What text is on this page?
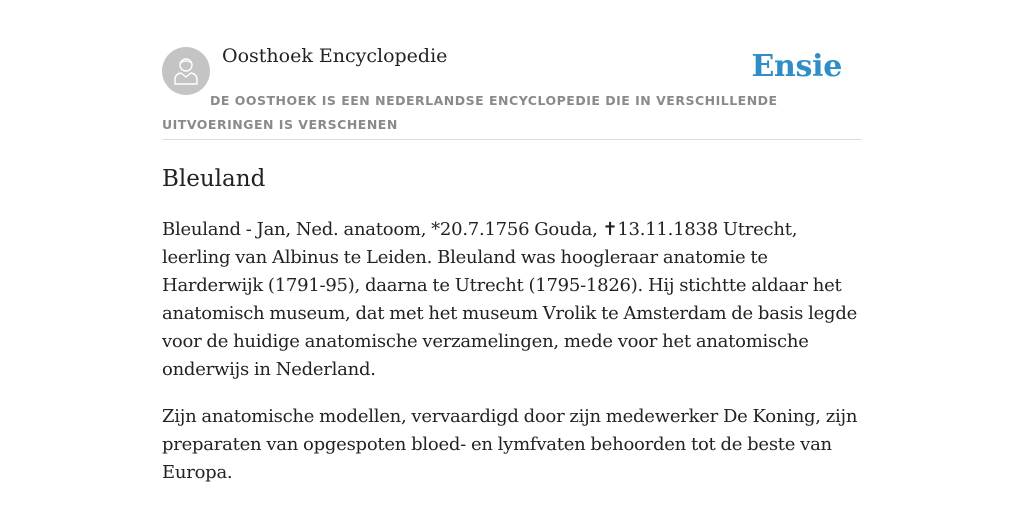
Oosthoek Encyclopedie	Ensie
DE OOSTHOEK IS EEN NEDERLANDSE ENCYCLOPEDIE DIE IN VERSCHILLENDE UITVOERINGEN IS VERSCHENEN
Bleuland

Bleuland - Jan, Ned. anatoom, *20.7.1756 Gouda, ✝13.11.1838 Utrecht, leerling van Albinus te Leiden. Bleuland was hoogleraar anatomie te Harderwijk (1791-95), daarna te Utrecht (1795-1826). Hij stichtte aldaar het anatomisch museum, dat met het museum Vrolik te Amsterdam de basis legde voor de huidige anatomische verzamelingen, mede voor het anatomische onderwijs in Nederland.

Zijn anatomische modellen, vervaardigd door zijn medewerker De Koning, zijn preparaten van opgespoten bloed- en lymfvaten behoorden tot de beste van Europa.
